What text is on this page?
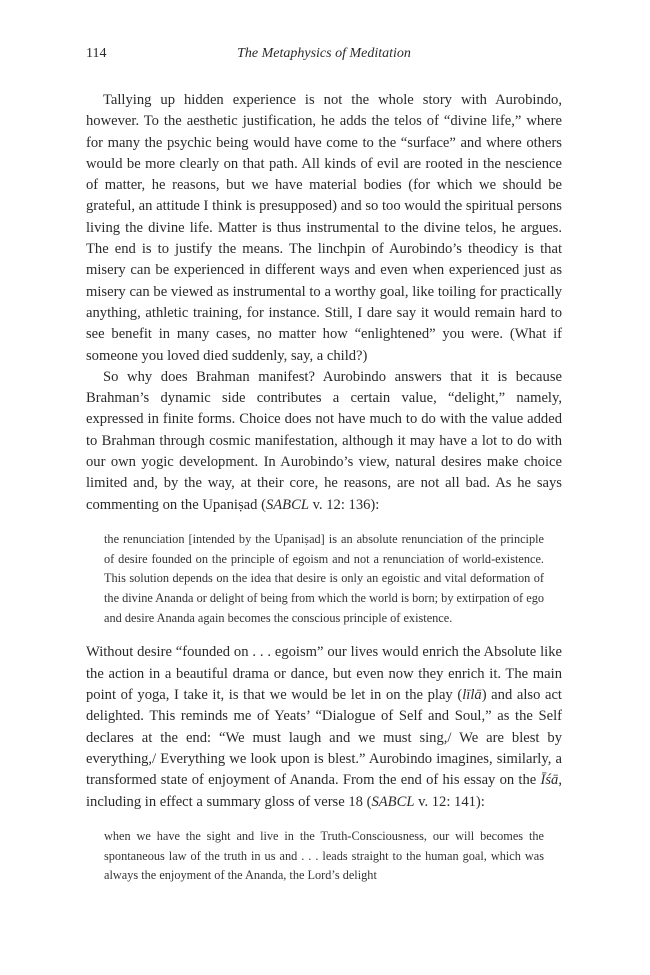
114	The Metaphysics of Meditation

Tallying up hidden experience is not the whole story with Aurobindo, however. To the aesthetic justification, he adds the telos of “divine life,” where for many the psychic being would have come to the “surface” and where others would be more clearly on that path. All kinds of evil are rooted in the nescience of matter, he reasons, but we have material bodies (for which we should be grateful, an attitude I think is presupposed) and so too would the spiritual persons living the divine life. Matter is thus instrumental to the divine telos, he argues. The end is to justify the means. The linchpin of Aurobindo’s theodicy is that misery can be experienced in different ways and even when experienced just as misery can be viewed as instrumental to a worthy goal, like toiling for practically anything, athletic training, for instance. Still, I dare say it would remain hard to see benefit in many cases, no matter how “enlightened” you were. (What if someone you loved died suddenly, say, a child?)

So why does Brahman manifest? Aurobindo answers that it is because Brahman’s dynamic side contributes a certain value, “delight,” namely, expressed in finite forms. Choice does not have much to do with the value added to Brahman through cosmic manifestation, although it may have a lot to do with our own yogic development. In Aurobindo’s view, natural desires make choice limited and, by the way, at their core, he reasons, are not all bad. As he says commenting on the Upaniṣad (SABCL v. 12: 136):

the renunciation [intended by the Upaniṣad] is an absolute renunciation of the principle of desire founded on the principle of egoism and not a renunciation of world-existence. This solution depends on the idea that desire is only an egoistic and vital deformation of the divine Ananda or delight of being from which the world is born; by extirpation of ego and desire Ananda again becomes the conscious principle of existence.

Without desire “founded on . . . egoism” our lives would enrich the Absolute like the action in a beautiful drama or dance, but even now they enrich it. The main point of yoga, I take it, is that we would be let in on the play (līlā) and also act delighted. This reminds me of Yeats’ “Dialogue of Self and Soul,” as the Self declares at the end: “We must laugh and we must sing,/ We are blest by everything,/ Everything we look upon is blest.” Aurobindo imagines, similarly, a transformed state of enjoyment of Ananda. From the end of his essay on the Īśā, including in effect a summary gloss of verse 18 (SABCL v. 12: 141):

when we have the sight and live in the Truth-Consciousness, our will becomes the spontaneous law of the truth in us and . . . leads straight to the human goal, which was always the enjoyment of the Ananda, the Lord’s delight
